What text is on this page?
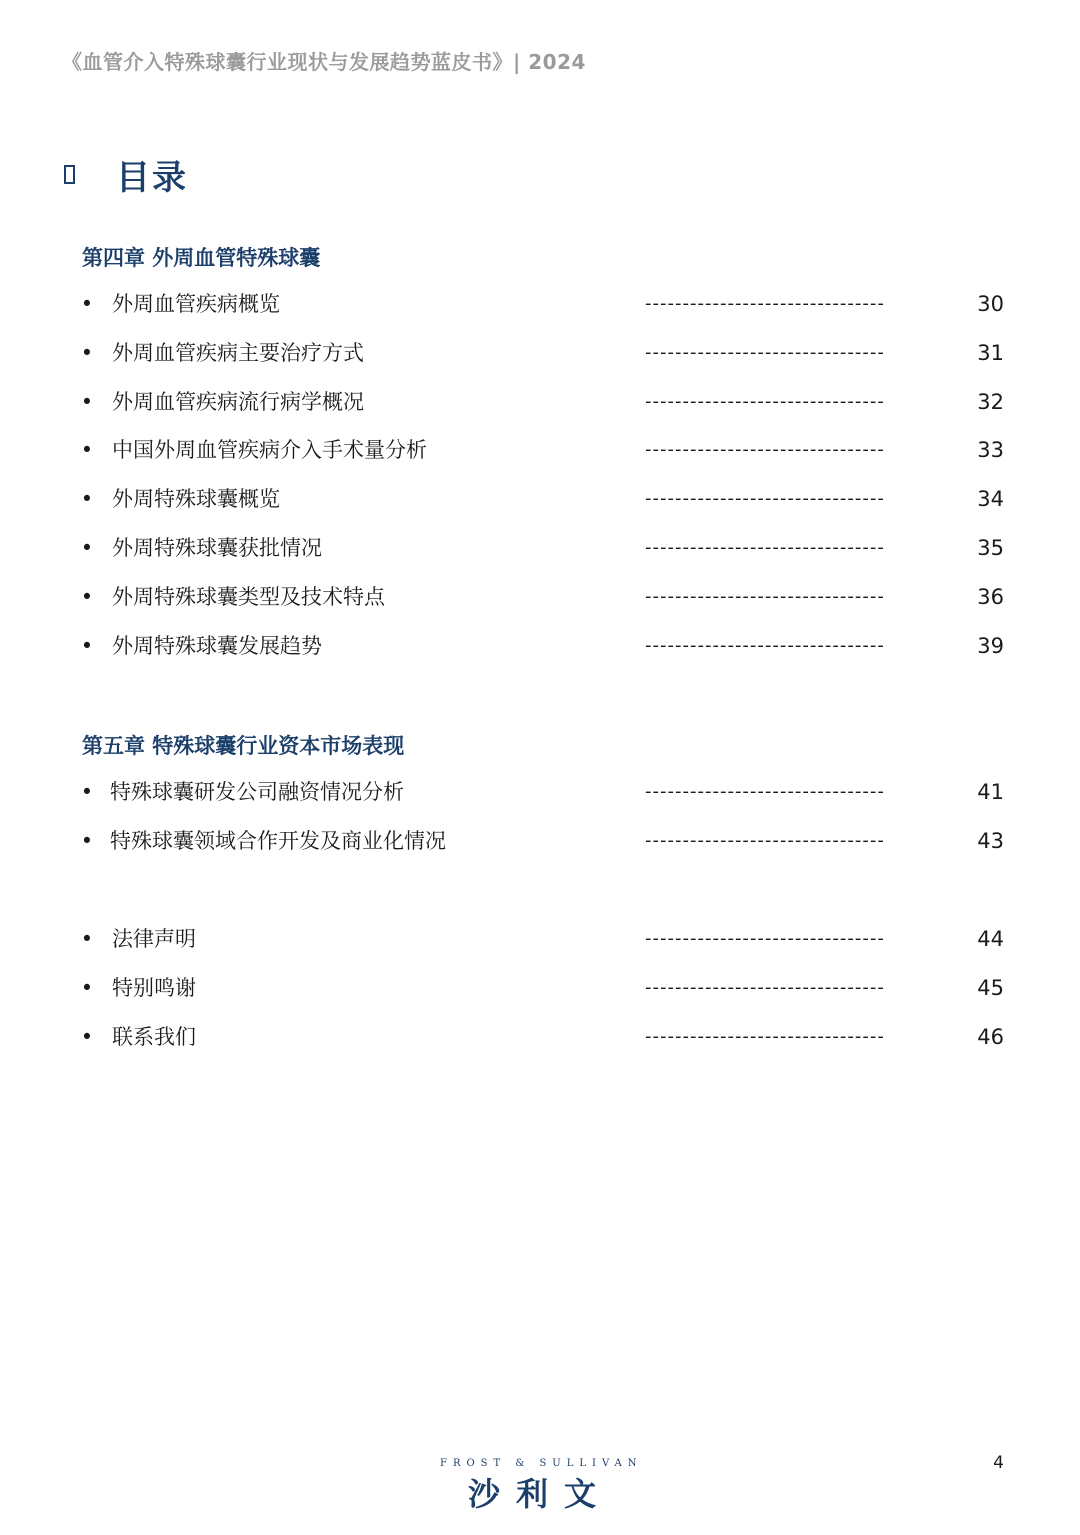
《血管介入特殊球囊行业现状与发展趋势蓝皮书》| 2024
目录
第四章 外周血管特殊球囊
• 外周血管疾病概览	--------------------------------	30
• 外周血管疾病主要治疗方式	--------------------------------	31
• 外周血管疾病流行病学概况	--------------------------------	32
• 中国外周血管疾病介入手术量分析	--------------------------------	33
• 外周特殊球囊概览	--------------------------------	34
• 外周特殊球囊获批情况	--------------------------------	35
• 外周特殊球囊类型及技术特点	--------------------------------	36
• 外周特殊球囊发展趋势	--------------------------------	39
第五章 特殊球囊行业资本市场表现
• 特殊球囊研发公司融资情况分析	--------------------------------	41
• 特殊球囊领域合作开发及商业化情况	--------------------------------	43
• 法律声明	--------------------------------	44
• 特别鸣谢	--------------------------------	45
• 联系我们	--------------------------------	46
FROST & SULLIVAN
沙利文
4
